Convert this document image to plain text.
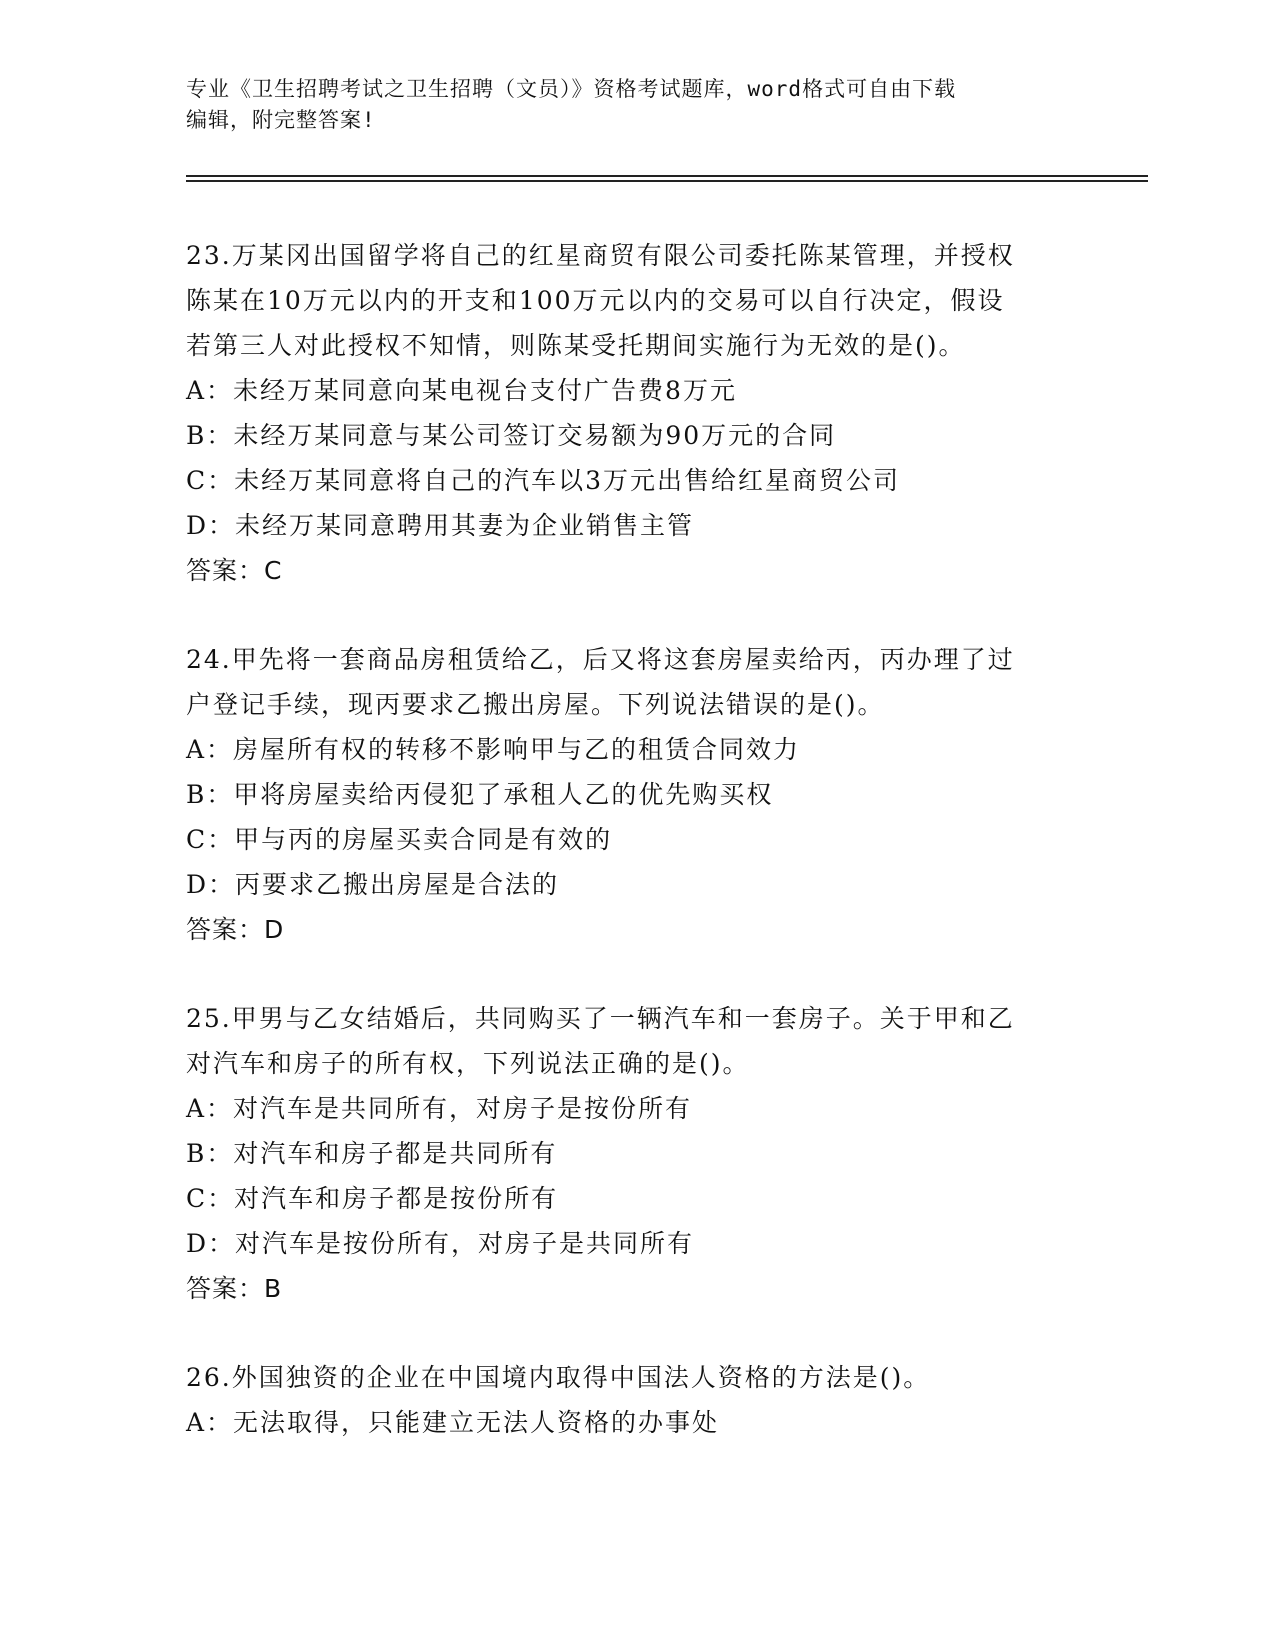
专业《卫生招聘考试之卫生招聘（文员）》资格考试题库，word格式可自由下载
编辑，附完整答案!
23.万某冈出国留学将自己的红星商贸有限公司委托陈某管理，并授权
陈某在10万元以内的开支和100万元以内的交易可以自行决定，假设
若第三人对此授权不知情，则陈某受托期间实施行为无效的是()。
A：未经万某同意向某电视台支付广告费8万元
B：未经万某同意与某公司签订交易额为90万元的合同
C：未经万某同意将自己的汽车以3万元出售给红星商贸公司
D：未经万某同意聘用其妻为企业销售主管
答案：C
24.甲先将一套商品房租赁给乙，后又将这套房屋卖给丙，丙办理了过
户登记手续，现丙要求乙搬出房屋。下列说法错误的是()。
A：房屋所有权的转移不影响甲与乙的租赁合同效力
B：甲将房屋卖给丙侵犯了承租人乙的优先购买权
C：甲与丙的房屋买卖合同是有效的
D：丙要求乙搬出房屋是合法的
答案：D
25.甲男与乙女结婚后，共同购买了一辆汽车和一套房子。关于甲和乙
对汽车和房子的所有权，下列说法正确的是()。
A：对汽车是共同所有，对房子是按份所有
B：对汽车和房子都是共同所有
C：对汽车和房子都是按份所有
D：对汽车是按份所有，对房子是共同所有
答案：B
26.外国独资的企业在中国境内取得中国法人资格的方法是()。
A：无法取得，只能建立无法人资格的办事处
